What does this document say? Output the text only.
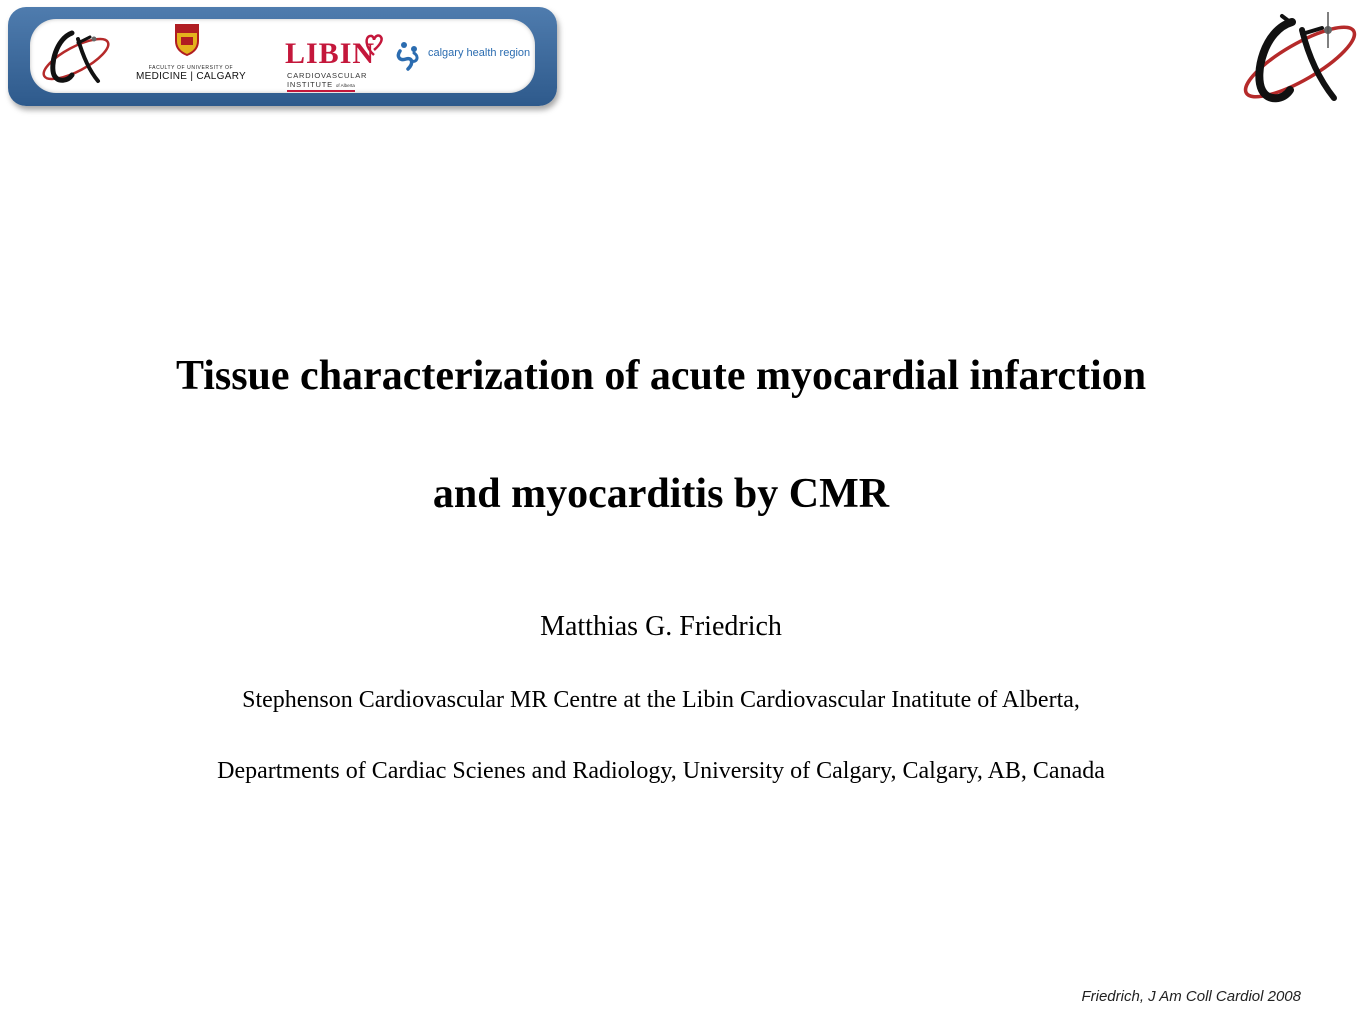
FACULTY OF UNIVERSITY OF
MEDICINE | CALGARY
LIBIN
CARDIOVASCULAR
INSTITUTE of Alberta
calgary health region
Tissue characterization of acute myocardial infarction
and myocarditis by CMR
Matthias G. Friedrich
Stephenson Cardiovascular MR Centre at the Libin Cardiovascular Inatitute of Alberta,
Departments of Cardiac Scienes and Radiology, University of Calgary, Calgary, AB, Canada
Friedrich, J Am Coll Cardiol 2008
